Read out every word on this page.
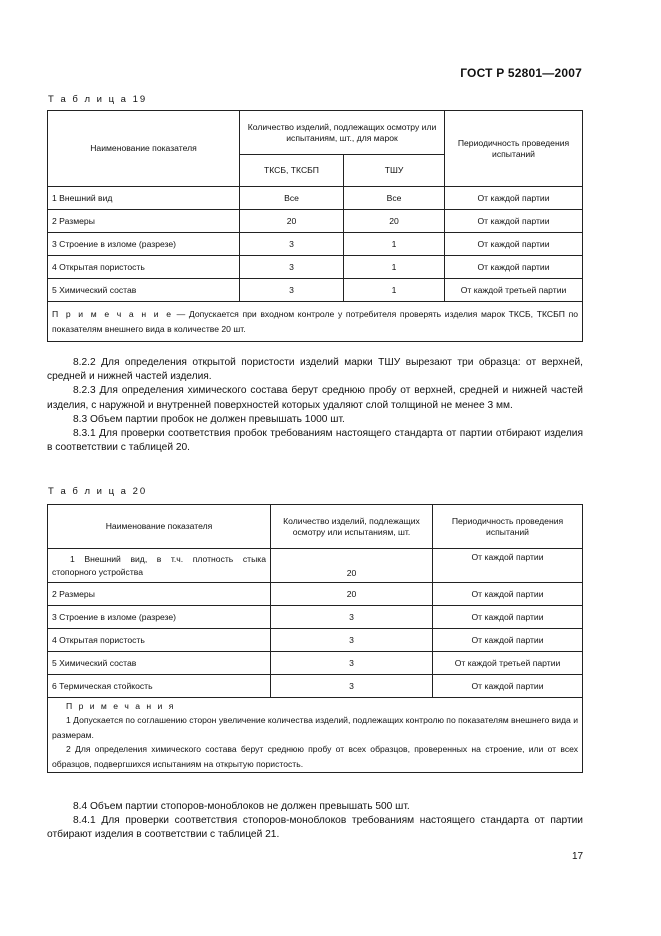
ГОСТ Р 52801—2007
Т а б л и ц а 19
Наименование показателя	Количество изделий, подлежащих осмотру или испытаниям, шт., для марок		Периодичность проведения испытаний
	ТКСБ, ТКСБП	ТШУ	
1 Внешний вид	Все	Все	От каждой партии
2 Размеры	20	20	От каждой партии
3 Строение в изломе (разрезе)	3	1	От каждой партии
4 Открытая пористость	3	1	От каждой партии
5 Химический состав	3	1	От каждой третьей партии
П р и м е ч а н и е — Допускается при входном контроле у потребителя проверять изделия марок ТКСБ, ТКСБП по показателям внешнего вида в количестве 20 шт.			

8.2.2 Для определения открытой пористости изделий марки ТШУ вырезают три образца: от верхней, средней и нижней частей изделия.

8.2.3 Для определения химического состава берут среднюю пробу от верхней, средней и нижней частей изделия, с наружной и внутренней поверхностей которых удаляют слой толщиной не менее 3 мм.

8.3 Объем партии пробок не должен превышать 1000 шт.

8.3.1 Для проверки соответствия пробок требованиям настоящего стандарта от партии отбирают изделия в соответствии с таблицей 20.

Т а б л и ц а 20
Наименование показателя	Количество изделий, подлежащих осмотру или испытаниям, шт.	Периодичность проведения испытаний
1 Внешний вид, в т.ч. плотность стыка стопорного устройства	20	От каждой партии
2 Размеры	20	От каждой партии
3 Строение в изломе (разрезе)	3	От каждой партии
4 Открытая пористость	3	От каждой партии
5 Химический состав	3	От каждой третьей партии
6 Термическая стойкость	3	От каждой партии

П р и м е ч а н и я
1 Допускается по соглашению сторон увеличение количества изделий, подлежащих контролю по показателям внешнего вида и размерам.
2 Для определения химического состава берут среднюю пробу от всех образцов, проверенных на строение, или от всех образцов, подвергшихся испытаниям на открытую пористость.		

8.4 Объем партии стопоров-моноблоков не должен превышать 500 шт.

8.4.1 Для проверки соответствия стопоров-моноблоков требованиям настоящего стандарта от партии отбирают изделия в соответствии с таблицей 21.

17
